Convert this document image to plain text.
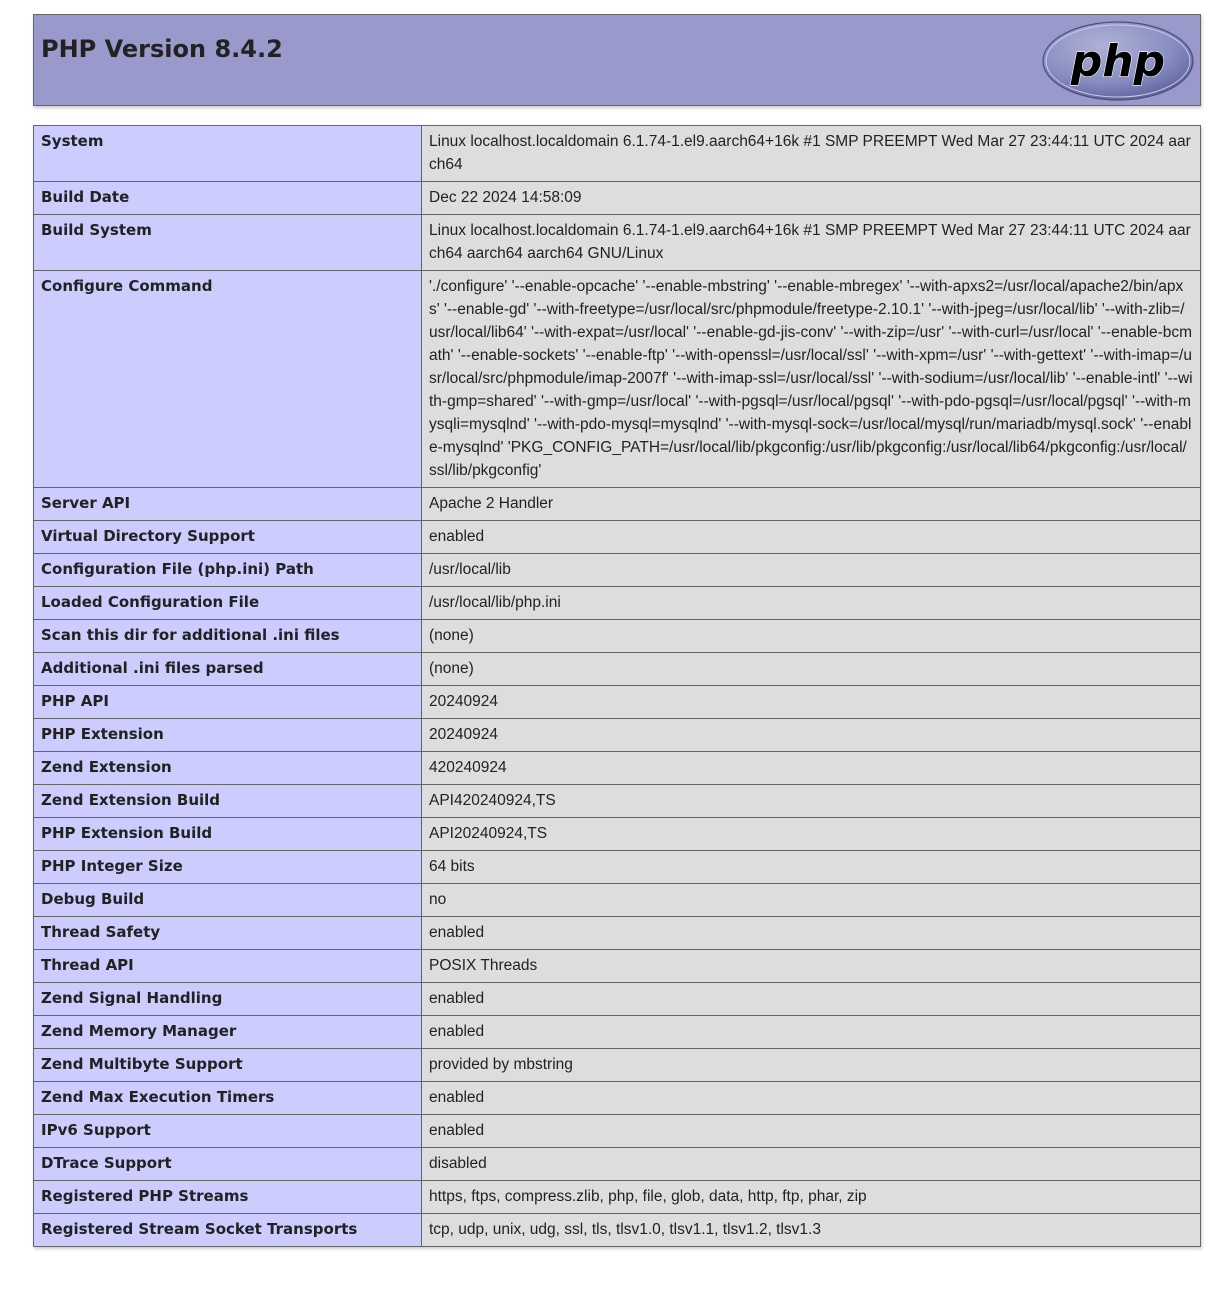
PHP Version 8.4.2	php
System	Linux localhost.localdomain 6.1.74-1.el9.aarch64+16k #1 SMP PREEMPT Wed Mar 27 23:44:11 UTC 2024 aarch64
Build Date	Dec 22 2024 14:58:09
Build System	Linux localhost.localdomain 6.1.74-1.el9.aarch64+16k #1 SMP PREEMPT Wed Mar 27 23:44:11 UTC 2024 aarch64 aarch64 aarch64 GNU/Linux
Configure Command	'./configure' '--enable-opcache' '--enable-mbstring' '--enable-mbregex' '--with-apxs2=/usr/local/apache2/bin/apxs' '--enable-gd' '--with-freetype=/usr/local/src/phpmodule/freetype-2.10.1' '--with-jpeg=/usr/local/lib' '--with-zlib=/usr/local/lib64' '--with-expat=/usr/local' '--enable-gd-jis-conv' '--with-zip=/usr' '--with-curl=/usr/local' '--enable-bcmath' '--enable-sockets' '--enable-ftp' '--with-openssl=/usr/local/ssl' '--with-xpm=/usr' '--with-gettext' '--with-imap=/usr/local/src/phpmodule/imap-2007f' '--with-imap-ssl=/usr/local/ssl' '--with-sodium=/usr/local/lib' '--enable-intl' '--with-gmp=shared' '--with-gmp=/usr/local' '--with-pgsql=/usr/local/pgsql' '--with-pdo-pgsql=/usr/local/pgsql' '--with-mysqli=mysqlnd' '--with-pdo-mysql=mysqlnd' '--with-mysql-sock=/usr/local/mysql/run/mariadb/mysql.sock' '--enable-mysqlnd' 'PKG_CONFIG_PATH=/usr/local/lib/pkgconfig:/usr/lib/pkgconfig:/usr/local/lib64/pkgconfig:/usr/local/ssl/lib/pkgconfig'
Server API	Apache 2 Handler
Virtual Directory Support	enabled
Configuration File (php.ini) Path	/usr/local/lib
Loaded Configuration File	/usr/local/lib/php.ini
Scan this dir for additional .ini files	(none)
Additional .ini files parsed	(none)
PHP API	20240924
PHP Extension	20240924
Zend Extension	420240924
Zend Extension Build	API420240924,TS
PHP Extension Build	API20240924,TS
PHP Integer Size	64 bits
Debug Build	no
Thread Safety	enabled
Thread API	POSIX Threads
Zend Signal Handling	enabled
Zend Memory Manager	enabled
Zend Multibyte Support	provided by mbstring
Zend Max Execution Timers	enabled
IPv6 Support	enabled
DTrace Support	disabled
Registered PHP Streams	https, ftps, compress.zlib, php, file, glob, data, http, ftp, phar, zip
Registered Stream Socket Transports	tcp, udp, unix, udg, ssl, tls, tlsv1.0, tlsv1.1, tlsv1.2, tlsv1.3
